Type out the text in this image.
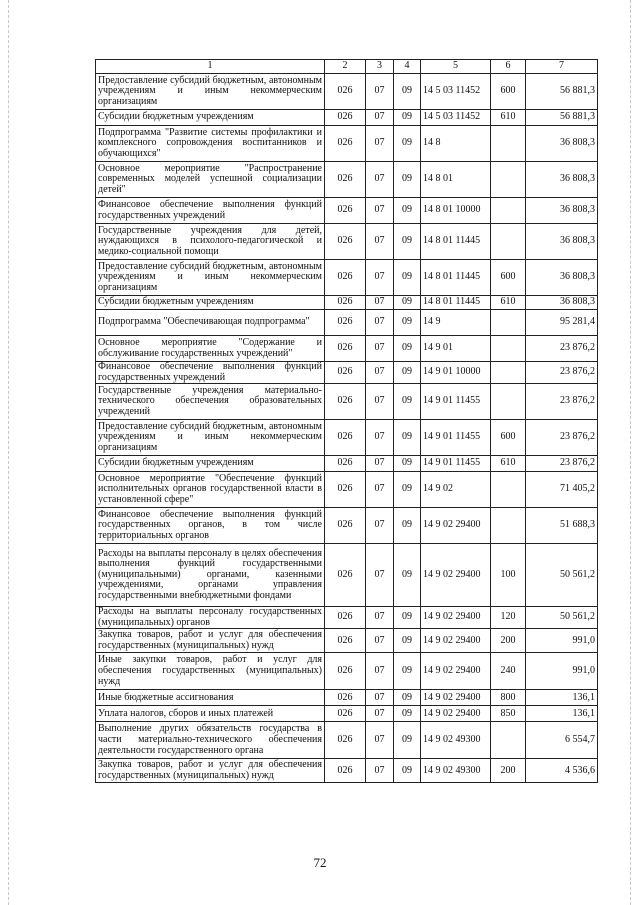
1	2	3	4	5	6	7
Предоставление субсидий бюджетным, автономным учреждениям и иным некоммерческим организациям	026	07	09	14 5 03 11452	600	56 881,3
Субсидии бюджетным учреждениям	026	07	09	14 5 03 11452	610	56 881,3
Подпрограмма "Развитие системы профилактики и комплексного сопровождения воспитанников и обучающихся"	026	07	09	14 8		36 808,3
Основное мероприятие "Распространение современных моделей успешной социализации детей"	026	07	09	14 8 01		36 808,3
Финансовое обеспечение выполнения функций государственных учреждений	026	07	09	14 8 01 10000		36 808,3
Государственные учреждения для детей, нуждающихся в психолого-педагогической и медико-социальной помощи	026	07	09	14 8 01 11445		36 808,3
Предоставление субсидий бюджетным, автономным учреждениям и иным некоммерческим организациям	026	07	09	14 8 01 11445	600	36 808,3
Субсидии бюджетным учреждениям	026	07	09	14 8 01 11445	610	36 808,3
Подпрограмма "Обеспечивающая подпрограмма"	026	07	09	14 9		95 281,4
Основное мероприятие "Содержание и обслуживание государственных учреждений"	026	07	09	14 9 01		23 876,2
Финансовое обеспечение выполнения функций государственных учреждений	026	07	09	14 9 01 10000		23 876,2
Государственные учреждения материально-технического обеспечения образовательных учреждений	026	07	09	14 9 01 11455		23 876,2
Предоставление субсидий бюджетным, автономным учреждениям и иным некоммерческим организациям	026	07	09	14 9 01 11455	600	23 876,2
Субсидии бюджетным учреждениям	026	07	09	14 9 01 11455	610	23 876,2
Основное мероприятие "Обеспечение функций исполнительных органов государственной власти в установленной сфере"	026	07	09	14 9 02		71 405,2
Финансовое обеспечение выполнения функций государственных органов, в том числе территориальных органов	026	07	09	14 9 02 29400		51 688,3
Расходы на выплаты персоналу в целях обеспечения выполнения функций государственными (муниципальными) органами, казенными учреждениями, органами управления государственными внебюджетными фондами	026	07	09	14 9 02 29400	100	50 561,2
Расходы на выплаты персоналу государственных (муниципальных) органов	026	07	09	14 9 02 29400	120	50 561,2
Закупка товаров, работ и услуг для обеспечения государственных (муниципальных) нужд	026	07	09	14 9 02 29400	200	991,0
Иные закупки товаров, работ и услуг для обеспечения государственных (муниципальных) нужд	026	07	09	14 9 02 29400	240	991,0
Иные бюджетные ассигнования	026	07	09	14 9 02 29400	800	136,1
Уплата налогов, сборов и иных платежей	026	07	09	14 9 02 29400	850	136,1
Выполнение других обязательств государства в части материально-технического обеспечения деятельности государственного органа	026	07	09	14 9 02 49300		6 554,7
Закупка товаров, работ и услуг для обеспечения государственных (муниципальных) нужд	026	07	09	14 9 02 49300	200	4 536,6
72
